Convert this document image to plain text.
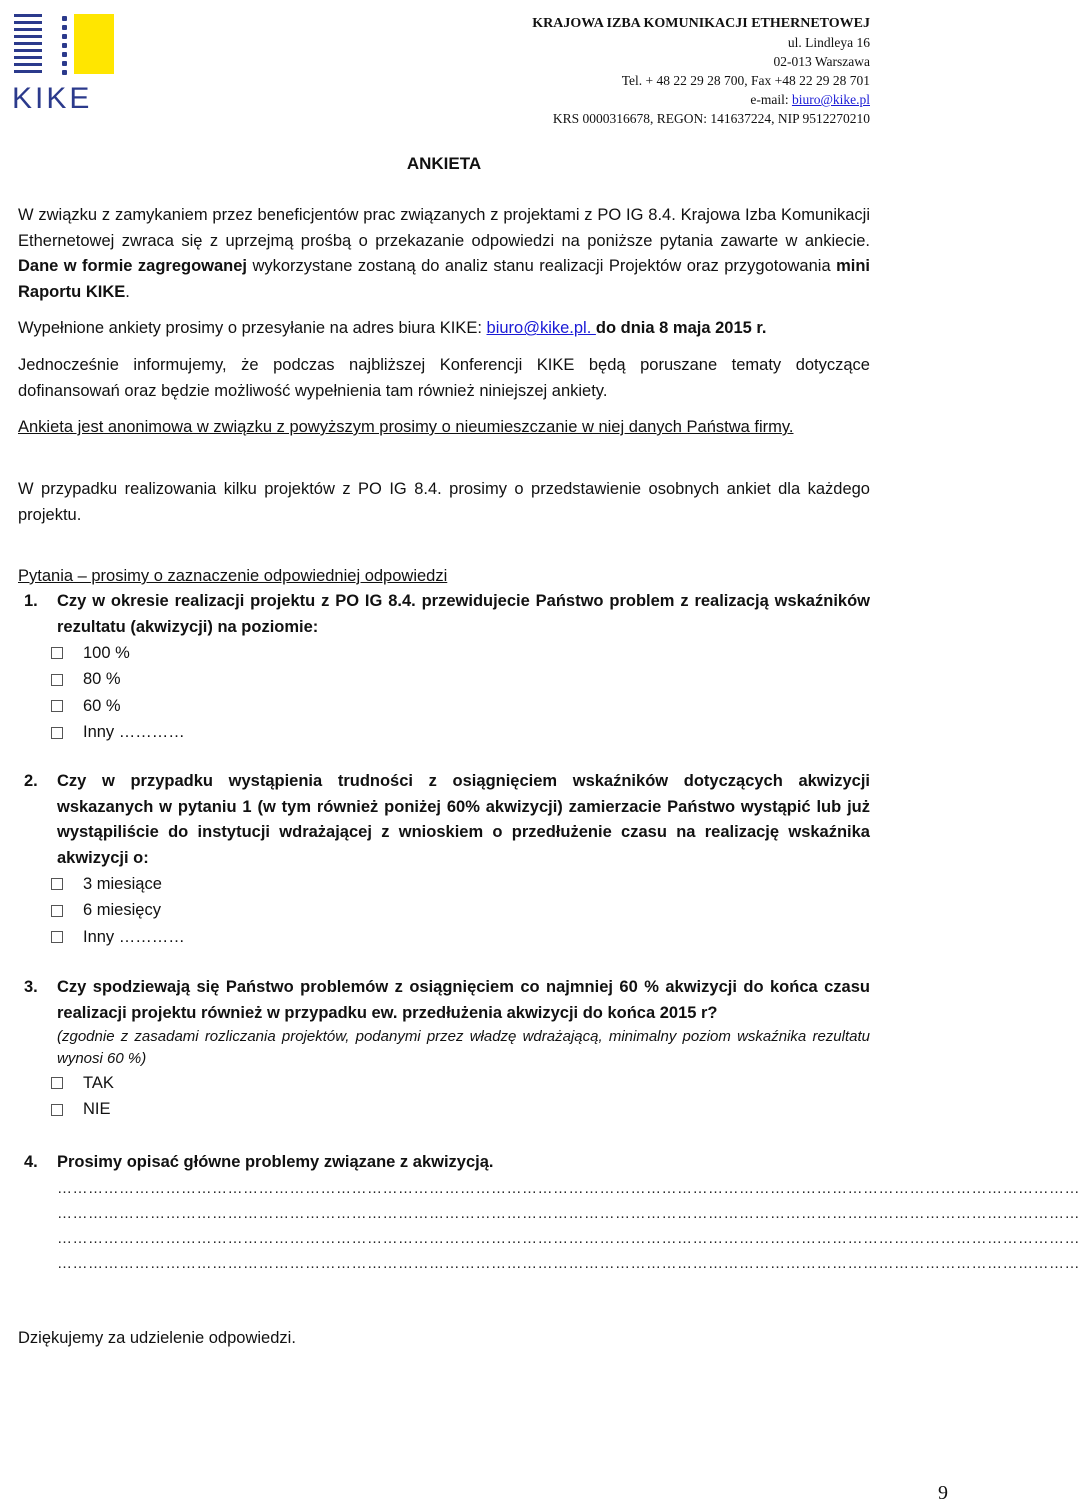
KIKE
KRAJOWA IZBA KOMUNIKACJI ETHERNETOWEJ
ul. Lindleya 16
02-013 Warszawa
Tel. + 48 22 29 28 700, Fax +48 22 29 28 701
e-mail: biuro@kike.pl
KRS 0000316678, REGON: 141637224, NIP 9512270210
ANKIETA
W związku z zamykaniem przez beneficjentów prac związanych z projektami z PO IG 8.4. Krajowa Izba Komunikacji Ethernetowej zwraca się z uprzejmą prośbą o przekazanie odpowiedzi na poniższe pytania zawarte w ankiecie. Dane w formie zagregowanej wykorzystane zostaną do analiz stanu realizacji Projektów oraz przygotowania mini Raportu KIKE.
Wypełnione ankiety prosimy o przesyłanie na adres biura KIKE: biuro@kike.pl. do dnia 8 maja 2015 r.
Jednocześnie informujemy, że podczas najbliższej Konferencji KIKE będą poruszane tematy dotyczące dofinansowań oraz będzie możliwość wypełnienia tam również niniejszej ankiety.
Ankieta jest anonimowa w związku z powyższym prosimy o nieumieszczanie w niej danych Państwa firmy.
W przypadku realizowania kilku projektów z PO IG 8.4. prosimy o przedstawienie osobnych ankiet dla każdego projektu.
Pytania – prosimy o zaznaczenie odpowiedniej odpowiedzi
1. Czy w okresie realizacji projektu z PO IG 8.4. przewidujecie Państwo problem z realizacją wskaźników rezultatu (akwizycji) na poziomie:
100 %
80 %
60 %
Inny …………
2. Czy w przypadku wystąpienia trudności z osiągnięciem wskaźników dotyczących akwizycji wskazanych w pytaniu 1 (w tym również poniżej 60% akwizycji) zamierzacie Państwo wystąpić lub już wystąpiliście do instytucji wdrażającej z wnioskiem o przedłużenie czasu na realizację wskaźnika akwizycji o:
3 miesiące
6 miesięcy
Inny …………
3. Czy spodziewają się Państwo problemów z osiągnięciem co najmniej 60 % akwizycji do końca czasu realizacji projektu również w przypadku ew. przedłużenia akwizycji do końca 2015 r?
(zgodnie z zasadami rozliczania projektów, podanymi przez władzę wdrażającą, minimalny poziom wskaźnika rezultatu wynosi 60 %)
TAK
NIE
4. Prosimy opisać główne problemy związane z akwizycją.
………………………………………………………………………………………………………………………………………………………………………………
………………………………………………………………………………………………………………………………………………………………………………
………………………………………………………………………………………………………………………………………………………………………………
………………………………………………………………………………………………………………………………………………………………………………
Dziękujemy za udzielenie odpowiedzi.
9
